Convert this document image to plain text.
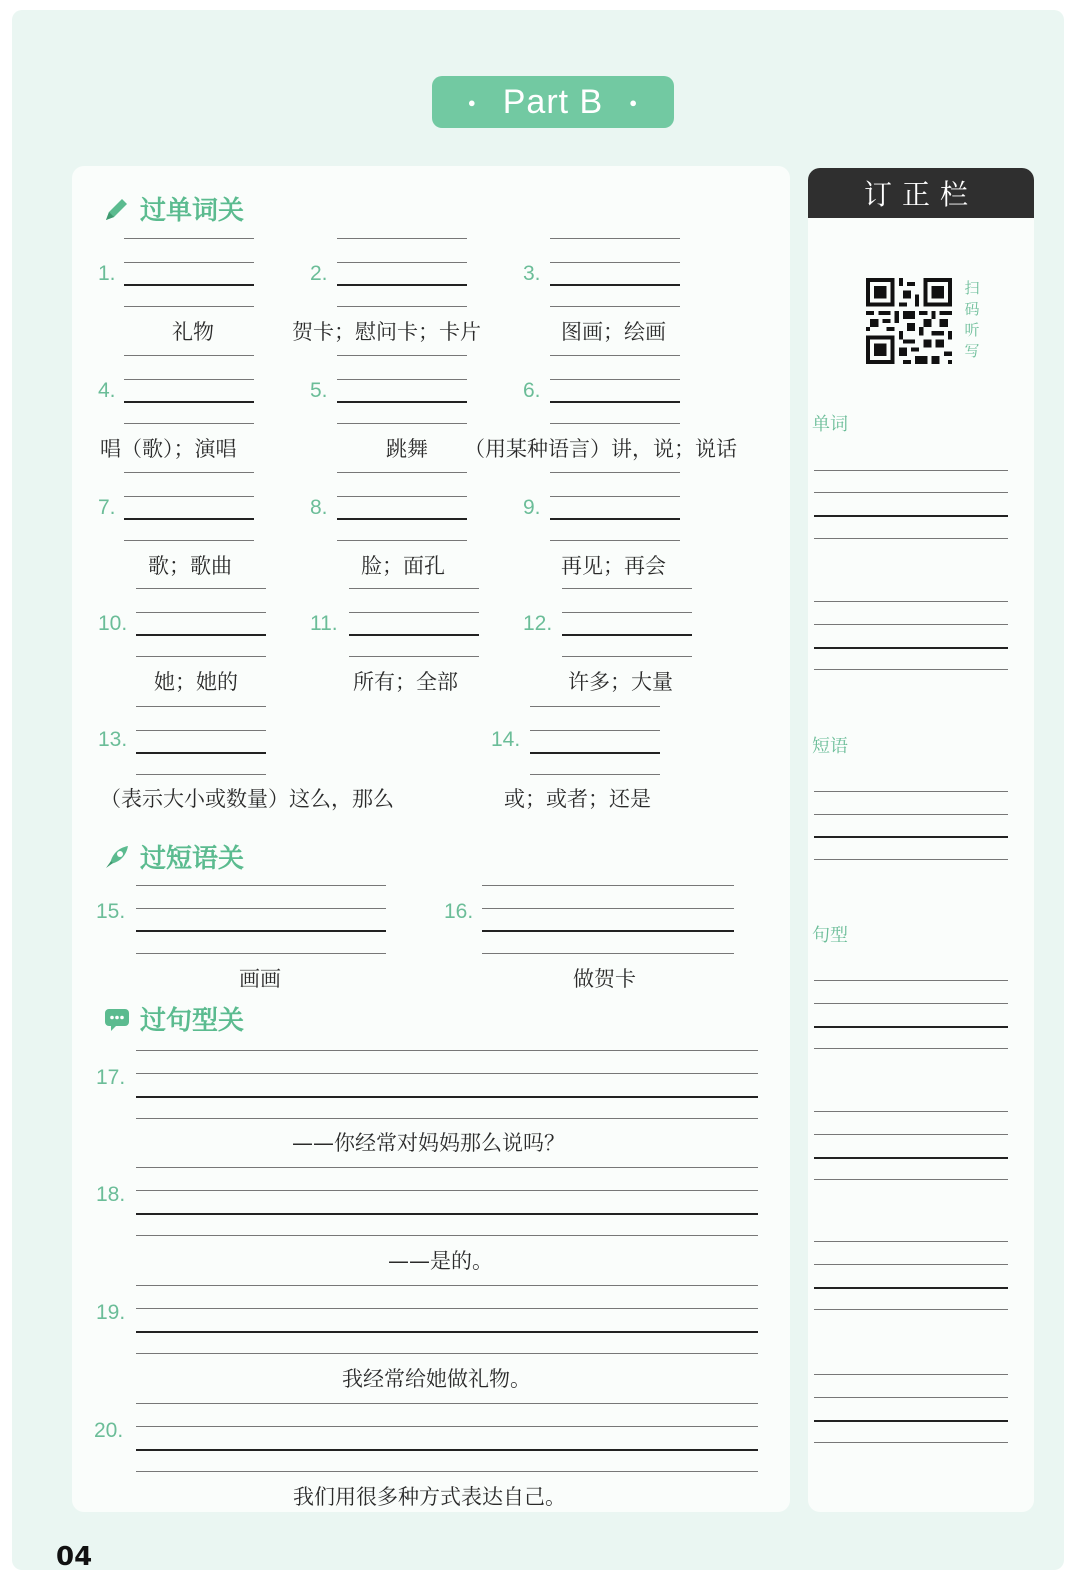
● Part B ●
过单词关
1.
礼物
2.
贺卡；慰问卡；卡片
3.
图画；绘画
4.
唱（歌）；演唱
5.
跳舞
6.
（用某种语言）讲，说；说话
7.
歌；歌曲
8.
脸；面孔
9.
再见；再会
10.
她；她的
11.
所有；全部
12.
许多；大量
13.
（表示大小或数量）这么，那么
14.
或；或者；还是
过短语关
15.
画画
16.
做贺卡
过句型关
17.
——你经常对妈妈那么说吗？
18.
——是的。
19.
我经常给她做礼物。
20.
我们用很多种方式表达自己。
订正栏
扫码听写
单词
短语
句型
04
